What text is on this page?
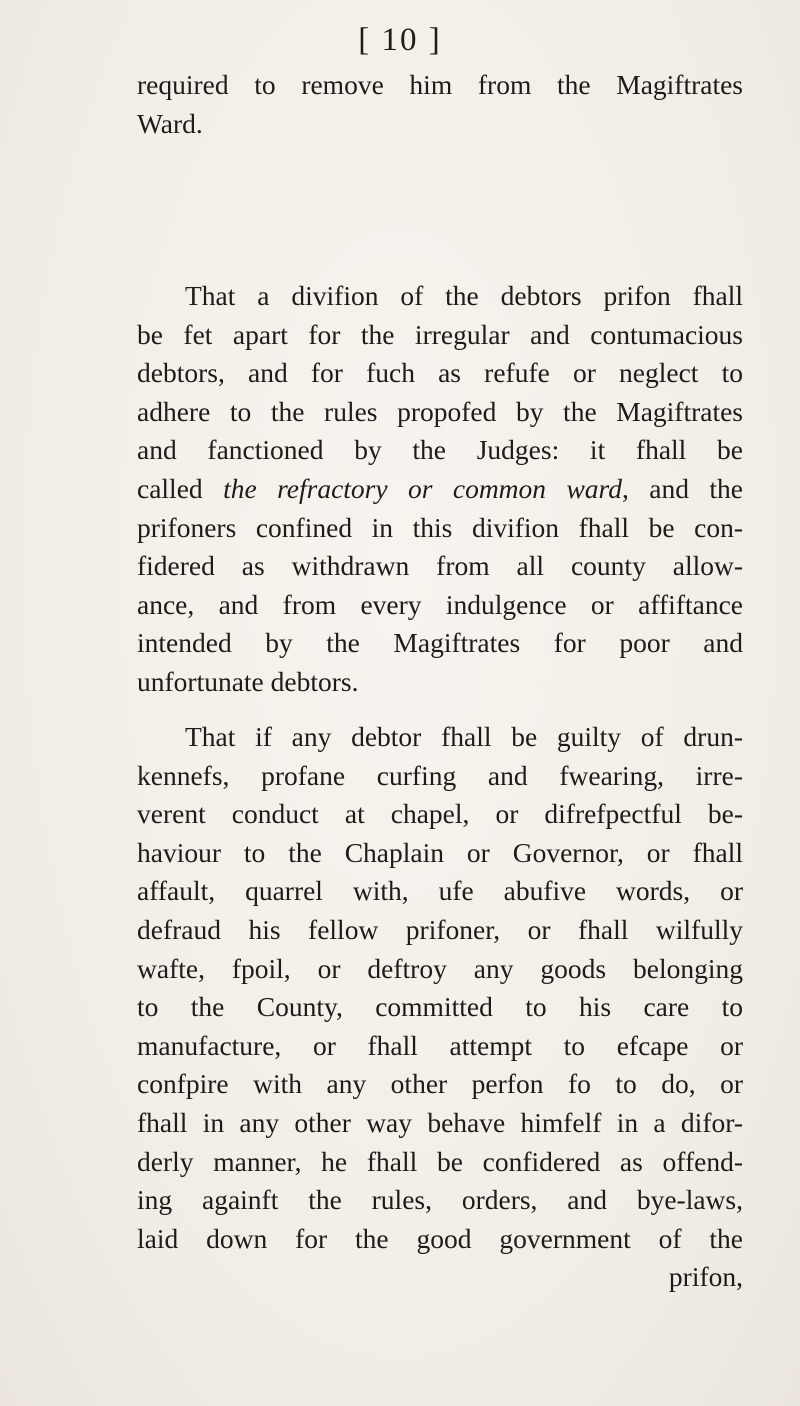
[ 10 ]
required to remove him from the Magiftrates
Ward.
That a divifion of the debtors prifon fhall
be fet apart for the irregular and contumacious
debtors, and for fuch as refufe or neglect to
adhere to the rules propofed by the Magiftrates
and fanctioned by the Judges: it fhall be
called the refractory or common ward, and the
prifoners confined in this divifion fhall be con-
fidered as withdrawn from all county allow-
ance, and from every indulgence or affiftance
intended by the Magiftrates for poor and
unfortunate debtors.
That if any debtor fhall be guilty of drun-
kennefs, profane curfing and fwearing, irre-
verent conduct at chapel, or difrefpectful be-
haviour to the Chaplain or Governor, or fhall
affault, quarrel with, ufe abufive words, or
defraud his fellow prifoner, or fhall wilfully
wafte, fpoil, or deftroy any goods belonging
to the County, committed to his care to
manufacture, or fhall attempt to efcape or
confpire with any other perfon fo to do, or
fhall in any other way behave himfelf in a difor-
derly manner, he fhall be confidered as offend-
ing againft the rules, orders, and bye-laws,
laid down for the good government of the
prifon,
